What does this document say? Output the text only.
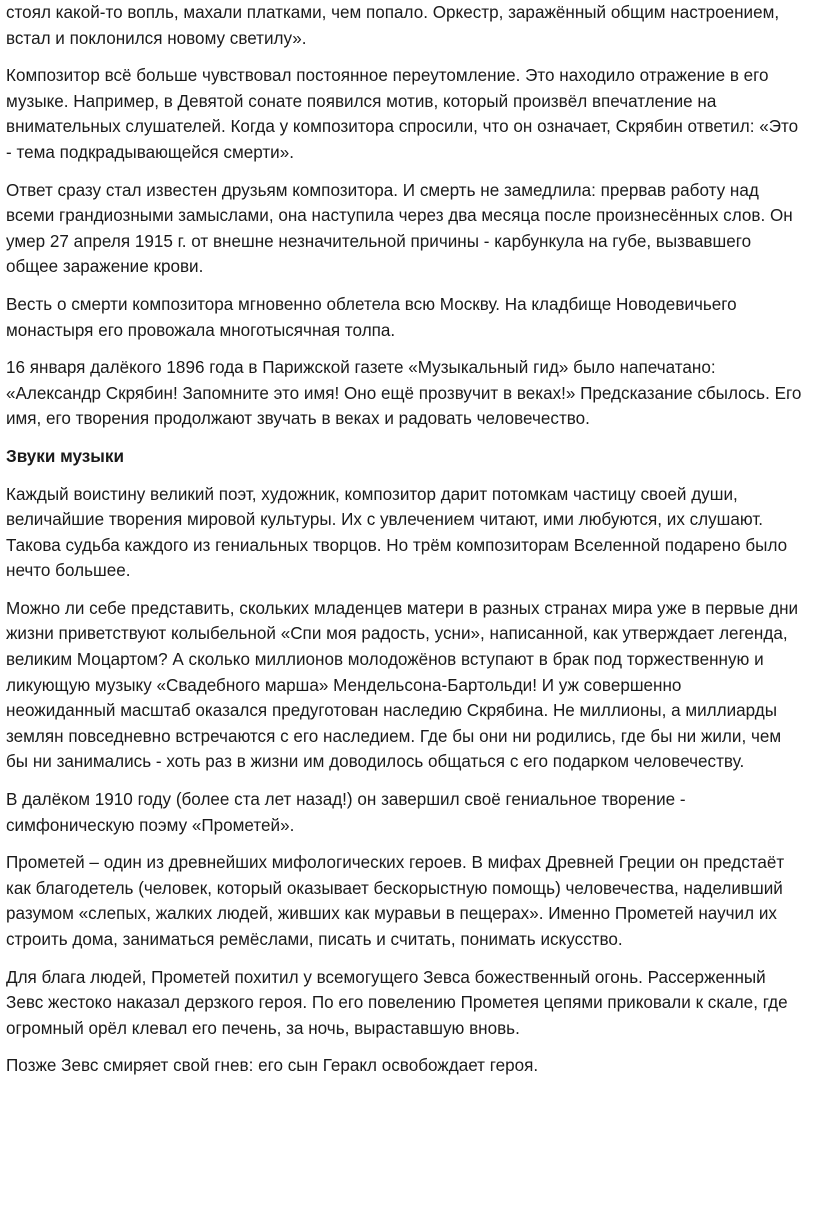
стоял какой-то вопль, махали платками, чем попало. Оркестр, заражённый общим настроением,
встал и поклонился новому светилу».

Композитор всё больше чувствовал постоянное переутомление. Это находило отражение в его
музыке. Например, в Девятой сонате появился мотив, который произвёл впечатление на
внимательных слушателей. Когда у композитора спросили, что он означает, Скрябин ответил: «Это
- тема подкрадывающейся смерти».

Ответ сразу стал известен друзьям композитора. И смерть не замедлила: прервав работу над
всеми грандиозными замыслами, она наступила через два месяца после произнесённых слов. Он
умер 27 апреля 1915 г. от внешне незначительной причины - карбункула на губе, вызвавшего
общее заражение крови.

Весть о смерти композитора мгновенно облетела всю Москву. На кладбище Новодевичьего
монастыря его провожала многотысячная толпа.

16 января далёкого 1896 года в Парижской газете «Музыкальный гид» было напечатано:
«Александр Скрябин! Запомните это имя! Оно ещё прозвучит в веках!» Предсказание сбылось. Его
имя, его творения продолжают звучать в веках и радовать человечество.

Звуки музыки

Каждый воистину великий поэт, художник, композитор дарит потомкам частицу своей души,
величайшие творения мировой культуры. Их с увлечением читают, ими любуются, их слушают.
Такова судьба каждого из гениальных творцов. Но трём композиторам Вселенной подарено было
нечто большее.

Можно ли себе представить, скольких младенцев матери в разных странах мира уже в первые дни
жизни приветствуют колыбельной «Спи моя радость, усни», написанной, как утверждает легенда,
великим Моцартом? А сколько миллионов молодожёнов вступают в брак под торжественную и
ликующую музыку «Свадебного марша» Мендельсона-Бартольди! И уж совершенно
неожиданный масштаб оказался предуготован наследию Скрябина. Не миллионы, а миллиарды
землян повседневно встречаются с его наследием. Где бы они ни родились, где бы ни жили, чем
бы ни занимались - хоть раз в жизни им доводилось общаться с его подарком человечеству.

В далёком 1910 году (более ста лет назад!) он завершил своё гениальное творение -
симфоническую поэму «Прометей».

Прометей – один из древнейших мифологических героев. В мифах Древней Греции он предстаёт
как благодетель (человек, который оказывает бескорыстную помощь) человечества, наделивший
разумом «слепых, жалких людей, живших как муравьи в пещерах». Именно Прометей научил их
строить дома, заниматься ремёслами, писать и считать, понимать искусство.

Для блага людей, Прометей похитил у всемогущего Зевса божественный огонь. Рассерженный
Зевс жестоко наказал дерзкого героя. По его повелению Прометея цепями приковали к скале, где
огромный орёл клевал его печень, за ночь, выраставшую вновь.

Позже Зевс смиряет свой гнев: его сын Геракл освобождает героя.
